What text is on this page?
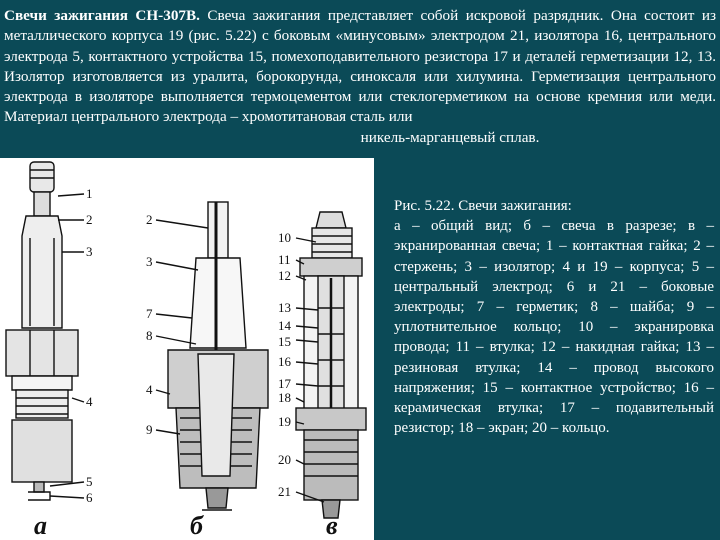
Свечи зажигания СН-307В. Свеча зажигания представляет собой искровой разрядник. Она состоит из металлического корпуса 19 (рис. 5.22) с боковым «минусовым» электродом 21, изолятора 16, центрального электрода 5, контактного устройства 15, помехоподавительного резистора 17 и деталей герметизации 12, 13. Изолятор изготовляется из уралита, борокорунда, синоксаля или хилумина. Герметизация центрального электрода в изоляторе выполняется термоцементом или стеклогерметиком на основе кремния или меди. Материал центрального электрода – хромотитановая сталь или
никель-марганцевый сплав.
1
2
3
4
5
6
2
3
7
8
4
9
10
11
12
13
14
15
16
17
18
19
20
21
а	б	в
Рис. 5.22. Свечи зажигания:
а – общий вид; б – свеча в разрезе; в – экранированная свеча; 1 – контактная гайка; 2 – стержень; 3 – изолятор; 4 и 19 – корпуса; 5 – центральный электрод; 6 и 21 – боковые электроды; 7 – герметик; 8 – шайба; 9 – уплотнительное кольцо; 10 – экранировка провода; 11 – втулка; 12 – накидная гайка; 13 – резиновая втулка; 14 – провод высокого напряжения; 15 – контактное устройство; 16 – керамическая втулка; 17 – подавительный резистор; 18 – экран; 20 – кольцо.
